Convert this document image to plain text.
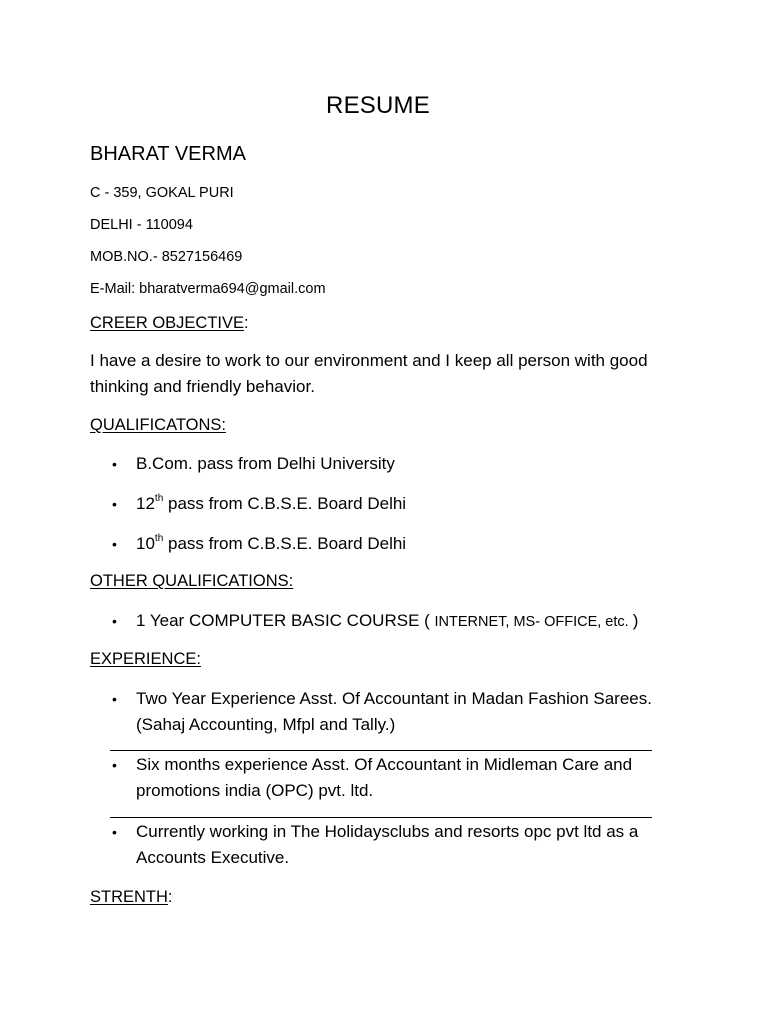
RESUME
BHARAT VERMA
C - 359, GOKAL PURI
DELHI - 110094
MOB.NO.- 8527156469
E-Mail: bharatverma694@gmail.com
CREER OBJECTIVE:
I have a desire to work to our environment and I keep all person with good thinking and friendly behavior.
QUALIFICATONS:
• B.Com. pass from Delhi University
• 12th pass from C.B.S.E. Board Delhi
• 10th pass from C.B.S.E. Board Delhi
OTHER QUALIFICATIONS:
• 1 Year COMPUTER BASIC COURSE ( INTERNET, MS- OFFICE, etc. )
EXPERIENCE:
• Two Year Experience Asst. Of Accountant in Madan Fashion Sarees.
(Sahaj Accounting, Mfpl and Tally.)
• Six months experience Asst. Of Accountant in Midleman Care and
promotions india (OPC) pvt. ltd.
• Currently working in The Holidaysclubs and resorts opc pvt ltd as a
Accounts Executive.
STRENTH:
